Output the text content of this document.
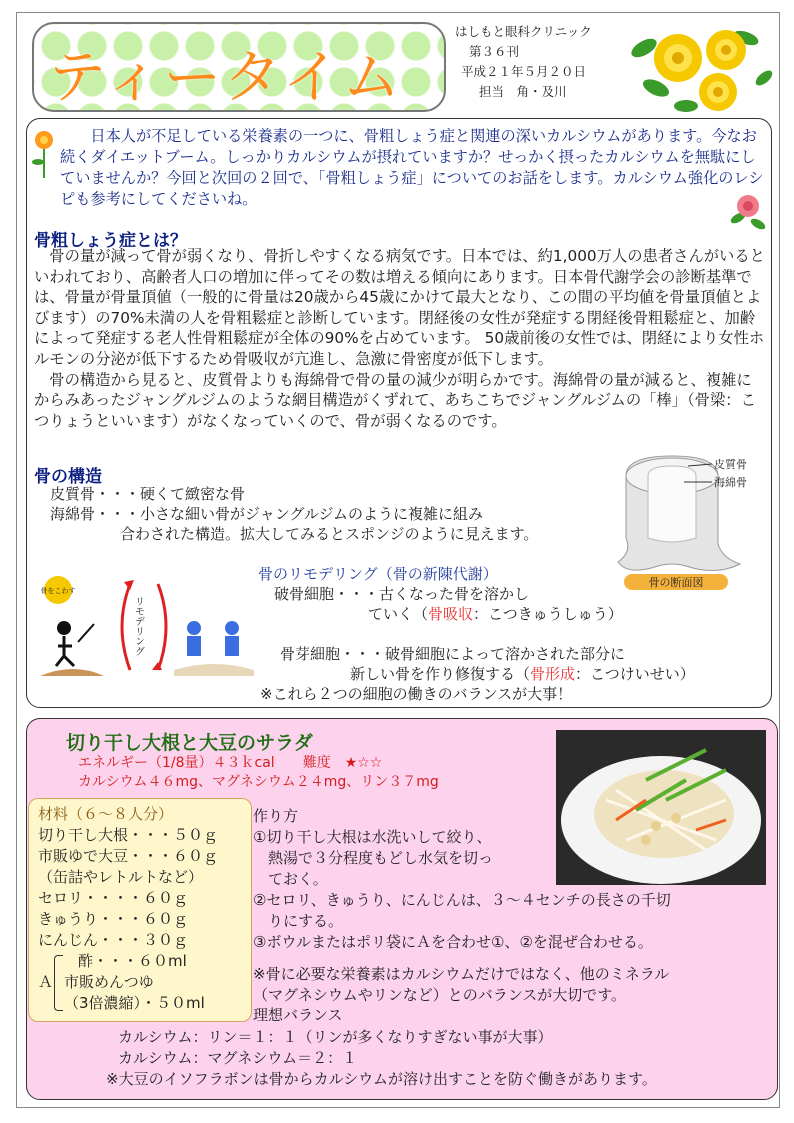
ティータイム
はしもと眼科クリニック
第３６刊
平成２１年５月２０日
担当　角・及川
日本人が不足している栄養素の一つに、骨粗しょう症と関連の深いカルシウムがあります。今なお続くダイエットブーム。しっかりカルシウムが摂れていますか？せっかく摂ったカルシウムを無駄にしていませんか？今回と次回の２回で、「骨粗しょう症」についてのお話をします。カルシウム強化のレシピも参考にしてくださいね。
骨粗しょう症とは？

骨の量が減って骨が弱くなり、骨折しやすくなる病気です。日本では、約1,000万人の患者さんがいるといわれており、高齢者人口の増加に伴ってその数は増える傾向にあります。日本骨代謝学会の診断基準では、骨量が骨量頂値（一般的に骨量は20歳から45歳にかけて最大となり、この間の平均値を骨量頂値とよびます）の70%未満の人を骨粗鬆症と診断しています。閉経後の女性が発症する閉経後骨粗鬆症と、加齢によって発症する老人性骨粗鬆症が全体の90%を占めています。 50歳前後の女性では、閉経により女性ホルモンの分泌が低下するため骨吸収が亢進し、急激に骨密度が低下します。

骨の構造から見ると、皮質骨よりも海綿骨で骨の量の減少が明らかです。海綿骨の量が減ると、複雑にからみあったジャングルジムのような網目構造がくずれて、あちこちでジャングルジムの「棒」（骨梁：こつりょうといいます）がなくなっていくので、骨が弱くなるのです。

骨の構造
皮質骨・・・硬くて緻密な骨
海綿骨・・・小さな細い骨がジャングルジムのように複雑に組み
合わされた構造。拡大してみるとスポンジのように見えます。
皮質骨
海綿骨
骨の断面図
骨をこわす
リモデリング
骨のリモデリング（骨の新陳代謝）
破骨細胞・・・古くなった骨を溶かし
ていく（骨吸収：こつきゅうしゅう）
骨芽細胞・・・破骨細胞によって溶かされた部分に
新しい骨を作り修復する（骨形成：こつけいせい）
※これら２つの細胞の働きのバランスが大事！
切り干し大根と大豆のサラダ
エネルギー（1/8量）４３ｋcal　　難度　★☆☆
カルシウム４６mg、マグネシウム２４mg、リン３７mg
材料（６～８人分）
切り干し大根・・・５０ｇ
市販ゆで大豆・・・６０ｇ
（缶詰やレトルトなど）
セロリ・・・・６０ｇ
きゅうり・・・６０ｇ
にんじん・・・３０ｇ
Ａ
酢・・・６０ml
市販めんつゆ
（3倍濃縮）・５０ml
作り方
①切り干し大根は水洗いして絞り、
　熱湯で３分程度もどし水気を切っ
　ておく。
②セロリ、きゅうり、にんじんは、３～４センチの長さの千切
　りにする。
③ボウルまたはポリ袋にＡを合わせ①、②を混ぜ合わせる。
※骨に必要な栄養素はカルシウムだけではなく、他のミネラル
（マグネシウムやリンなど）とのバランスが大切です。
理想バランス
カルシウム：リン＝１：１（リンが多くなりすぎない事が大事）
カルシウム：マグネシウム＝２：１
※大豆のイソフラボンは骨からカルシウムが溶け出すことを防ぐ働きがあります。
